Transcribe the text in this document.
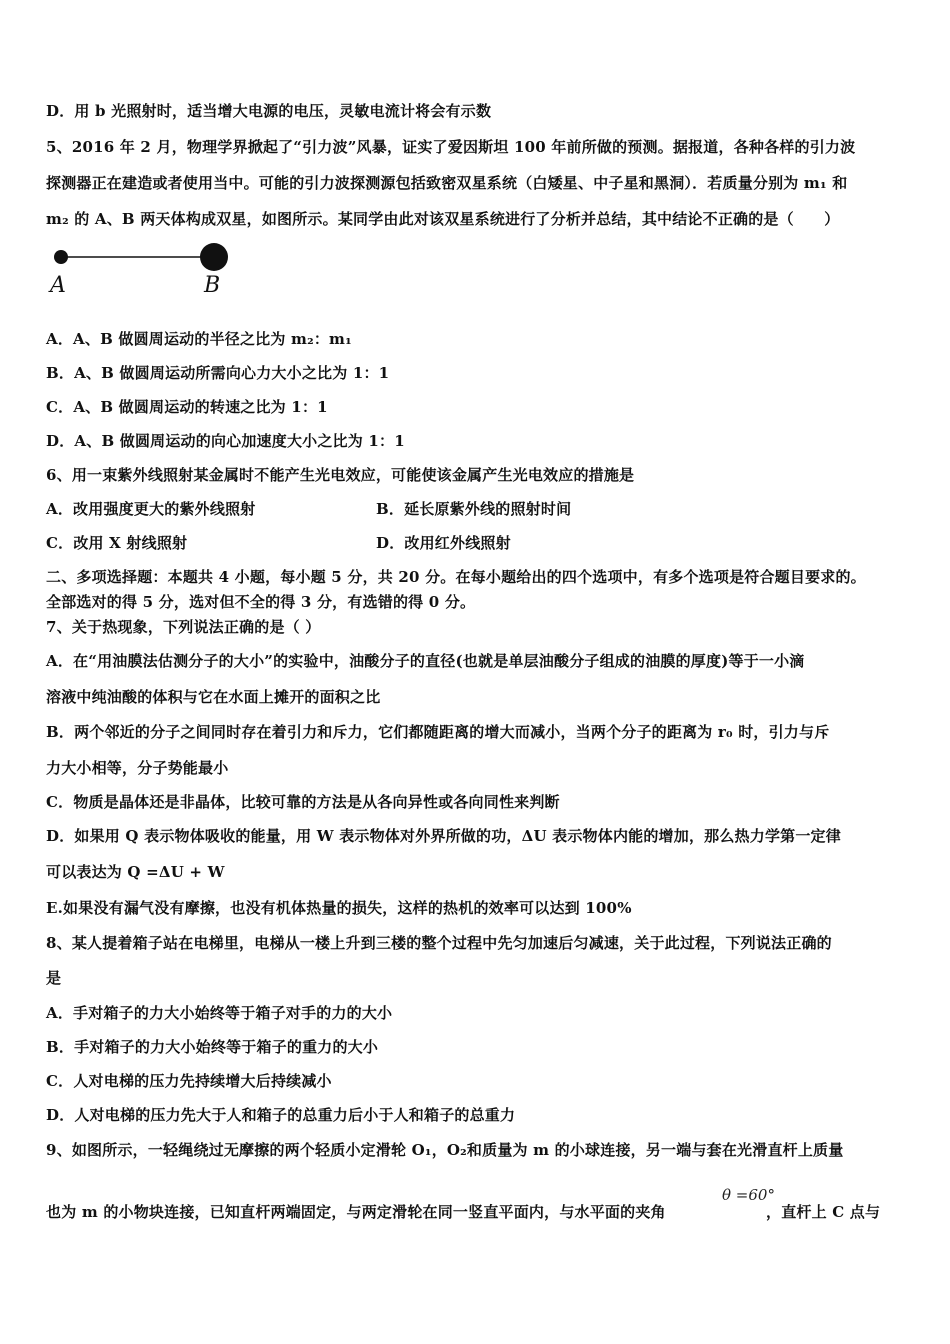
D．用 b 光照射时，适当增大电源的电压，灵敏电流计将会有示数
5、2016 年 2 月，物理学界掀起了“引力波”风暴，证实了爱因斯坦 100 年前所做的预测。据报道，各种各样的引力波
探测器正在建造或者使用当中。可能的引力波探测源包括致密双星系统（白矮星、中子星和黑洞）．若质量分别为 m₁ 和
m₂ 的 A、B 两天体构成双星，如图所示。某同学由此对该双星系统进行了分析并总结，其中结论不正确的是（　　）
A	B
A．A、B 做圆周运动的半径之比为 m₂：m₁
B．A、B 做圆周运动所需向心力大小之比为 1：1
C．A、B 做圆周运动的转速之比为 1：1
D．A、B 做圆周运动的向心加速度大小之比为 1：1
6、用一束紫外线照射某金属时不能产生光电效应，可能使该金属产生光电效应的措施是
A．改用强度更大的紫外线照射	B．延长原紫外线的照射时间
C．改用 X 射线照射	D．改用红外线照射
二、多项选择题：本题共 4 小题，每小题 5 分，共 20 分。在每小题给出的四个选项中，有多个选项是符合题目要求的。
全部选对的得 5 分，选对但不全的得 3 分，有选错的得 0 分。
7、关于热现象，下列说法正确的是（ ）
A．在“用油膜法估测分子的大小”的实验中，油酸分子的直径(也就是单层油酸分子组成的油膜的厚度)等于一小滴
溶液中纯油酸的体积与它在水面上摊开的面积之比
B．两个邻近的分子之间同时存在着引力和斥力，它们都随距离的增大而减小，当两个分子的距离为 r₀ 时，引力与斥
力大小相等，分子势能最小
C．物质是晶体还是非晶体，比较可靠的方法是从各向异性或各向同性来判断
D．如果用 Q 表示物体吸收的能量，用 W 表示物体对外界所做的功，ΔU 表示物体内能的增加，那么热力学第一定律
可以表达为 Q =ΔU + W
E.如果没有漏气没有摩擦，也没有机体热量的损失，这样的热机的效率可以达到 100%
8、某人提着箱子站在电梯里，电梯从一楼上升到三楼的整个过程中先匀加速后匀减速，关于此过程，下列说法正确的
是
A．手对箱子的力大小始终等于箱子对手的力的大小
B．手对箱子的力大小始终等于箱子的重力的大小
C．人对电梯的压力先持续增大后持续减小
D．人对电梯的压力先大于人和箱子的总重力后小于人和箱子的总重力
9、如图所示，一轻绳绕过无摩擦的两个轻质小定滑轮 O₁，O₂和质量为 m 的小球连接，另一端与套在光滑直杆上质量
也为 m 的小物块连接，已知直杆两端固定，与两定滑轮在同一竖直平面内，与水平面的夹角	，直杆上 C 点与
θ =60°
